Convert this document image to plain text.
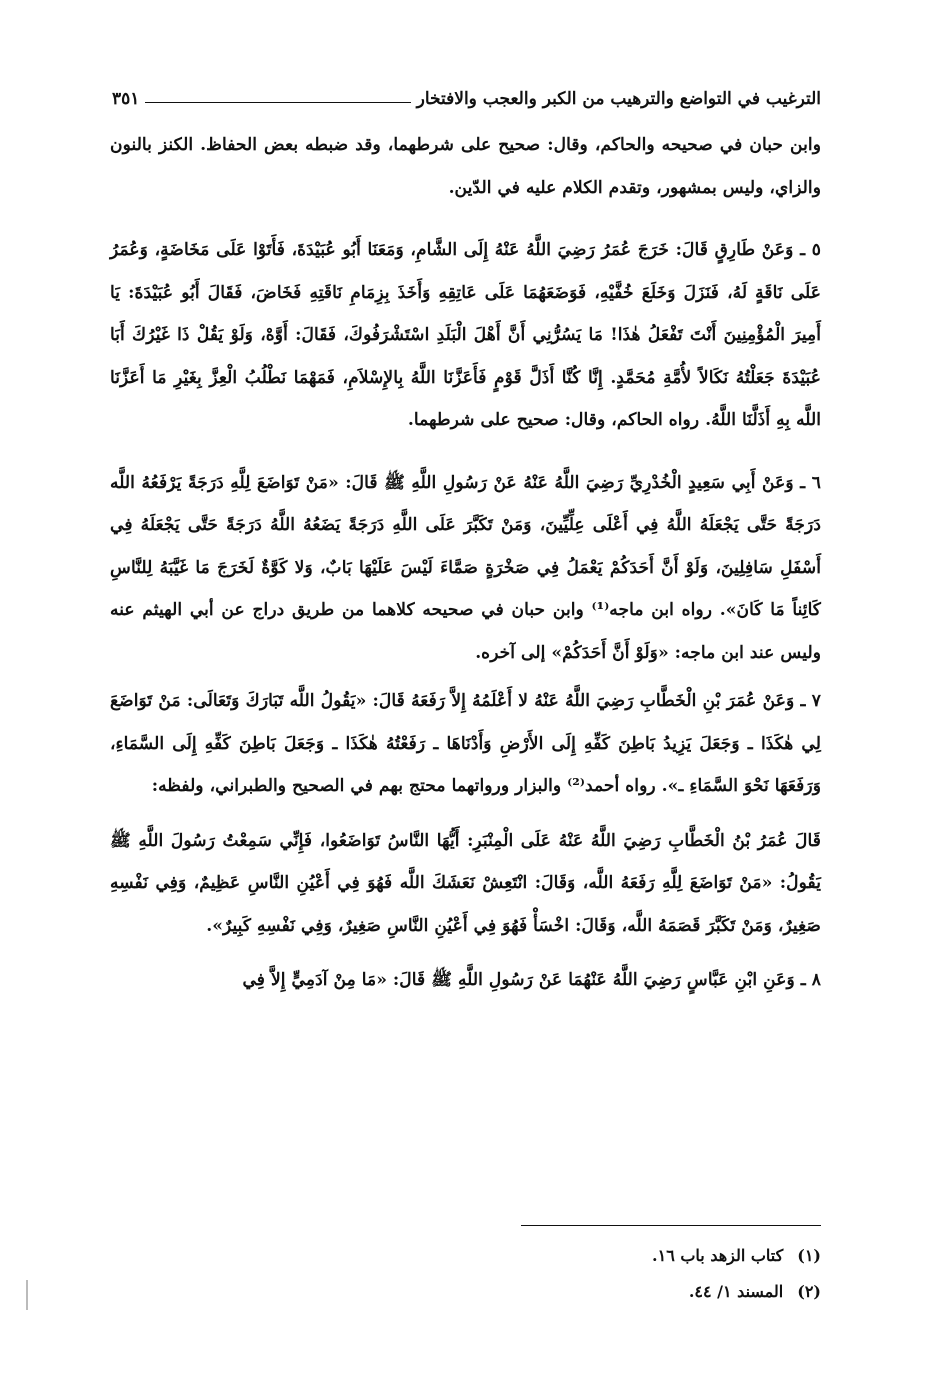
الترغيب في التواضع والترهيب من الكبر والعجب والافتخار
٣٥١

وابن حبان في صحيحه والحاكم، وقال: صحيح على شرطهما، وقد ضبطه بعض الحفاظ. الكنز بالنون والزاي، وليس بمشهور، وتقدم الكلام عليه في الدّين.

٥ ـ وَعَنْ طَارِقٍ قَالَ: خَرَجَ عُمَرُ رَضِيَ اللَّهُ عَنْهُ إِلَى الشَّامِ، وَمَعَنَا أَبُو عُبَيْدَةَ، فَأَتَوْا عَلَى مَخَاضَةٍ، وَعُمَرُ عَلَى نَاقَةٍ لَهُ، فَنَزَلَ وَخَلَعَ خُفَّيْهِ، فَوَضَعَهُمَا عَلَى عَاتِقِهِ وَأَخَذَ بِزِمَامِ نَاقَتِهِ فَخَاضَ، فَقَالَ أَبُو عُبَيْدَةَ: يَا أَمِيرَ الْمُؤْمِنِينَ أَنْتَ تَفْعَلُ هٰذَا! مَا يَسُرُّنِي أَنَّ أَهْلَ الْبَلَدِ اسْتَشْرَفُوكَ، فَقَالَ: أَوَّهْ، وَلَوْ يَقُلْ ذَا غَيْرُكَ أَبَا عُبَيْدَةَ جَعَلْتُهُ نَكَالاً لأُمَّةِ مُحَمَّدٍ. إِنَّا كُنَّا أَذَلَّ قَوْمٍ فَأَعَزَّنَا اللَّهُ بِالإِسْلاَمِ، فَمَهْمَا نَطْلُبُ الْعِزَّ بِغَيْرِ مَا أَعَزَّنَا اللَّه بِهِ أَذَلَّنَا اللَّهُ. رواه الحاكم، وقال: صحيح على شرطهما.

٦ ـ وَعَنْ أَبِي سَعِيدٍ الْخُدْرِيِّ رَضِيَ اللَّهُ عَنْهُ عَنْ رَسُولِ اللَّهِ ﷺ قَالَ: «مَنْ تَوَاضَعَ لِلَّهِ دَرَجَةً يَرْفَعُهُ اللَّه دَرَجَةً حَتَّى يَجْعَلَهُ اللَّهُ فِي أَعْلَى عِلِّيِّينَ، وَمَنْ تَكَبَّرَ عَلَى اللَّهِ دَرَجَةً يَضَعُهُ اللَّهُ دَرَجَةً حَتَّى يَجْعَلَهُ فِي أَسْفَلِ سَافِلِينَ، وَلَوْ أَنَّ أَحَدَكُمْ يَعْمَلُ فِي صَخْرَةٍ صَمَّاءَ لَيْسَ عَلَيْهَا بَابٌ، وَلا كَوَّةٌ لَخَرَجَ مَا غَيَّبَهُ لِلنَّاسِ كَائِناً مَا كَانَ». رواه ابن ماجه⁽¹⁾ وابن حبان في صحيحه كلاهما من طريق دراج عن أبي الهيثم عنه وليس عند ابن ماجه: «وَلَوْ أَنَّ أَحَدَكُمْ» إلى آخره.

٧ ـ وَعَنْ عُمَرَ بْنِ الْخَطَّابِ رَضِيَ اللَّهُ عَنْهُ لا أَعْلَمُهُ إِلاَّ رَفَعَهُ قَالَ: «يَقُولُ اللَّه تَبَارَكَ وَتَعَالَى: مَنْ تَوَاضَعَ لِي هٰكَذَا ـ وَجَعَلَ يَزِيدُ بَاطِنَ كَفِّهِ إِلَى الأَرْضِ وَأَدْنَاهَا ـ رَفَعْتُهُ هٰكَذَا ـ وَجَعَلَ بَاطِنَ كَفِّهِ إِلَى السَّمَاءِ، وَرَفَعَهَا نَحْوَ السَّمَاءِ ـ». رواه أحمد⁽²⁾ والبزار ورواتهما محتج بهم في الصحيح والطبراني، ولفظه:

قَالَ عُمَرُ بْنُ الْخَطَّابِ رَضِيَ اللَّهُ عَنْهُ عَلَى الْمِنْبَرِ: أَيُّهَا النَّاسُ تَوَاضَعُوا، فَإِنِّي سَمِعْتُ رَسُولَ اللَّهِ ﷺ يَقُولُ: «مَنْ تَوَاضَعَ لِلَّهِ رَفَعَهُ اللَّه، وَقَالَ: انْتَعِشْ نَعَشَكَ اللَّه فَهُوَ فِي أَعْيُنِ النَّاسِ عَظِيمٌ، وَفِي نَفْسِهِ صَغِيرٌ، وَمَنْ تَكَبَّرَ قَصَمَهُ اللَّه، وَقَالَ: اخْسَأْ فَهُوَ فِي أَعْيُنِ النَّاسِ صَغِيرٌ، وَفِي نَفْسِهِ كَبِيرٌ».

٨ ـ وَعَنِ ابْنِ عَبَّاسٍ رَضِيَ اللَّهُ عَنْهُمَا عَنْ رَسُولِ اللَّهِ ﷺ قَالَ: «مَا مِنْ آدَمِيٍّ إِلاَّ فِي

(١)
كتاب الزهد باب ١٦.
(٢)
المسند ١/ ٤٤.
